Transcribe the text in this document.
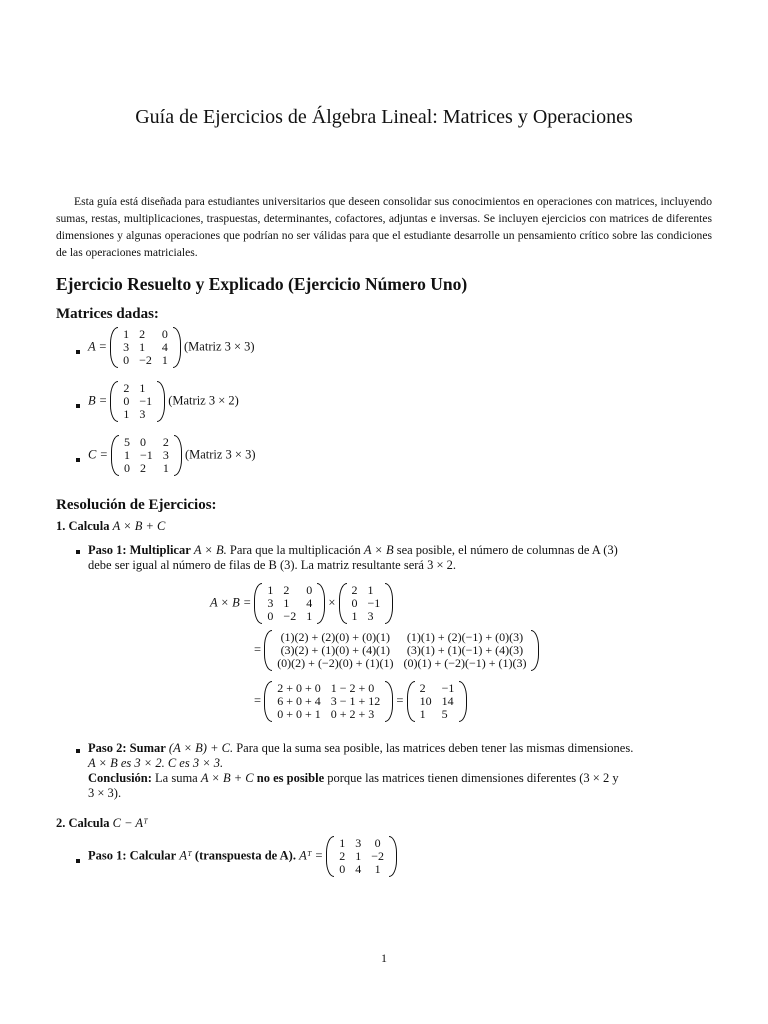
Guía de Ejercicios de Álgebra Lineal: Matrices y Operaciones
Esta guía está diseñada para estudiantes universitarios que deseen consolidar sus conocimientos en operaciones con matrices, incluyendo sumas, restas, multiplicaciones, traspuestas, determinantes, cofactores, adjuntas e inversas. Se incluyen ejercicios con matrices de diferentes dimensiones y algunas operaciones que podrían no ser válidas para que el estudiante desarrolle un pensamiento crítico sobre las condiciones de las operaciones matriciales.
Ejercicio Resuelto y Explicado (Ejercicio Número Uno)
Matrices dadas:
A =
1	2	0
3	1	4
0	−2	1
(Matriz 3 × 3)
B =
2	1
0	−1
1	3
(Matriz 3 × 2)
C =
5	0	2
1	−1	3
0	2	1
(Matriz 3 × 3)
Resolución de Ejercicios:
1. Calcula A × B + C
Paso 1: Multiplicar A × B. Para que la multiplicación A × B sea posible, el número de columnas de A (3)
debe ser igual al número de filas de B (3). La matriz resultante será 3 × 2.
A × B =
1	2	0
3	1	4
0	−2	1
×
2	1
0	−1
1	3
=
(1)(2) + (2)(0) + (0)(1)	(1)(1) + (2)(−1) + (0)(3)
(3)(2) + (1)(0) + (4)(1)	(3)(1) + (1)(−1) + (4)(3)
(0)(2) + (−2)(0) + (1)(1)	(0)(1) + (−2)(−1) + (1)(3)
=
2 + 0 + 0	1 − 2 + 0
6 + 0 + 4	3 − 1 + 12
0 + 0 + 1	0 + 2 + 3
=
2	−1
10	14
1	5
Paso 2: Sumar (A × B) + C. Para que la suma sea posible, las matrices deben tener las mismas dimensiones.
A × B es 3 × 2. C es 3 × 3.
Conclusión: La suma A × B + C no es posible porque las matrices tienen dimensiones diferentes (3 × 2 y
3 × 3).
2. Calcula C − Aᵀ
Paso 1: Calcular Aᵀ (transpuesta de A). Aᵀ =
1	3	0
2	1	−2
0	4	1
1
